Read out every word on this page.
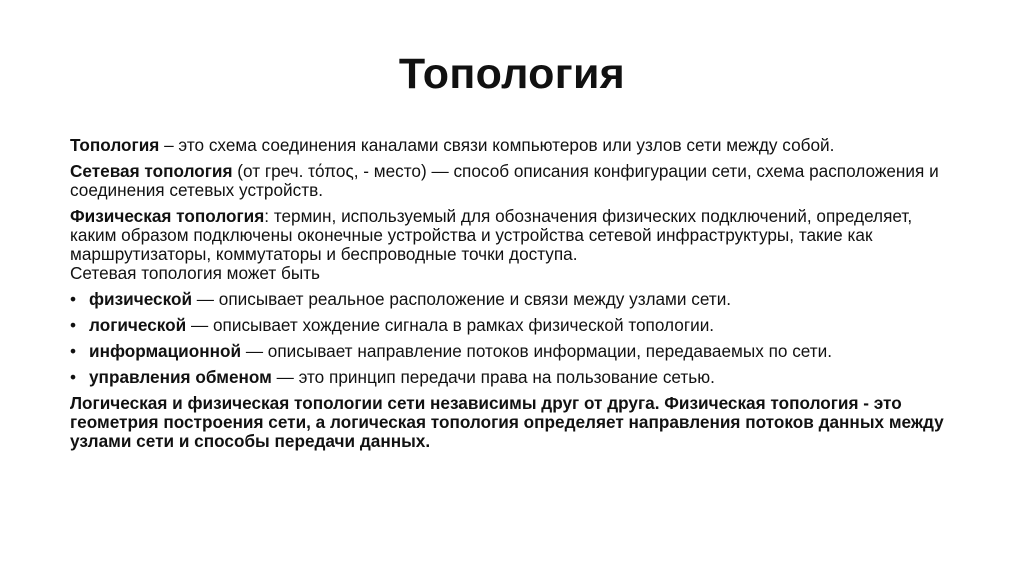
Топология
Топология – это схема соединения каналами связи компьютеров или узлов сети между собой.
Сетевая топология (от греч. τόπος, - место) — способ описания конфигурации сети, схема расположения и соединения сетевых устройств.
Физическая топология: термин, используемый для обозначения физических подключений, определяет, каким образом подключены оконечные устройства и устройства сетевой инфраструктуры, такие как маршрутизаторы, коммутаторы и беспроводные точки доступа.
Сетевая топология может быть
• физической — описывает реальное расположение и связи между узлами сети.
• логической — описывает хождение сигнала в рамках физической топологии.
• информационной — описывает направление потоков информации, передаваемых по сети.
• управления обменом — это принцип передачи права на пользование сетью.
Логическая и физическая топологии сети независимы друг от друга. Физическая топология - это геометрия построения сети, а логическая топология определяет направления потоков данных между узлами сети и способы передачи данных.
